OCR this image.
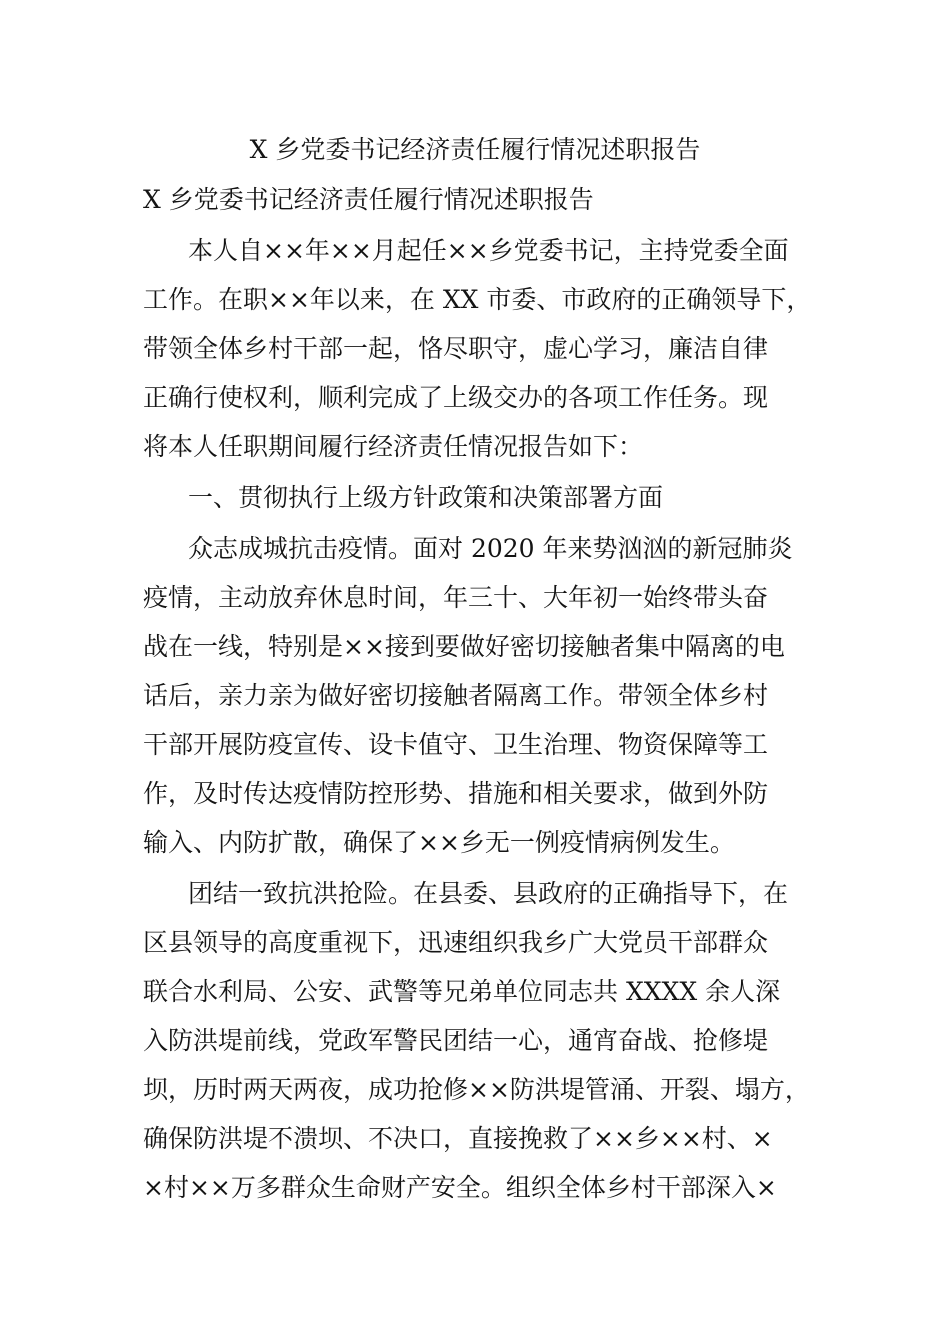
X 乡党委书记经济责任履行情况述职报告
X 乡党委书记经济责任履行情况述职报告
本人自××年××月起任××乡党委书记，主持党委全面
工作。在职××年以来，在 XX 市委、市政府的正确领导下，
带领全体乡村干部一起，恪尽职守，虚心学习，廉洁自律
正确行使权利，顺利完成了上级交办的各项工作任务。现
将本人任职期间履行经济责任情况报告如下：
一、贯彻执行上级方针政策和决策部署方面
众志成城抗击疫情。面对 2020 年来势汹汹的新冠肺炎
疫情，主动放弃休息时间，年三十、大年初一始终带头奋
战在一线，特别是××接到要做好密切接触者集中隔离的电
话后，亲力亲为做好密切接触者隔离工作。带领全体乡村
干部开展防疫宣传、设卡值守、卫生治理、物资保障等工
作，及时传达疫情防控形势、措施和相关要求，做到外防
输入、内防扩散，确保了××乡无一例疫情病例发生。
团结一致抗洪抢险。在县委、县政府的正确指导下，在
区县领导的高度重视下，迅速组织我乡广大党员干部群众
联合水利局、公安、武警等兄弟单位同志共 XXXX 余人深
入防洪堤前线，党政军警民团结一心，通宵奋战、抢修堤
坝，历时两天两夜，成功抢修××防洪堤管涌、开裂、塌方，
确保防洪堤不溃坝、不决口，直接挽救了××乡××村、×
×村××万多群众生命财产安全。组织全体乡村干部深入×
